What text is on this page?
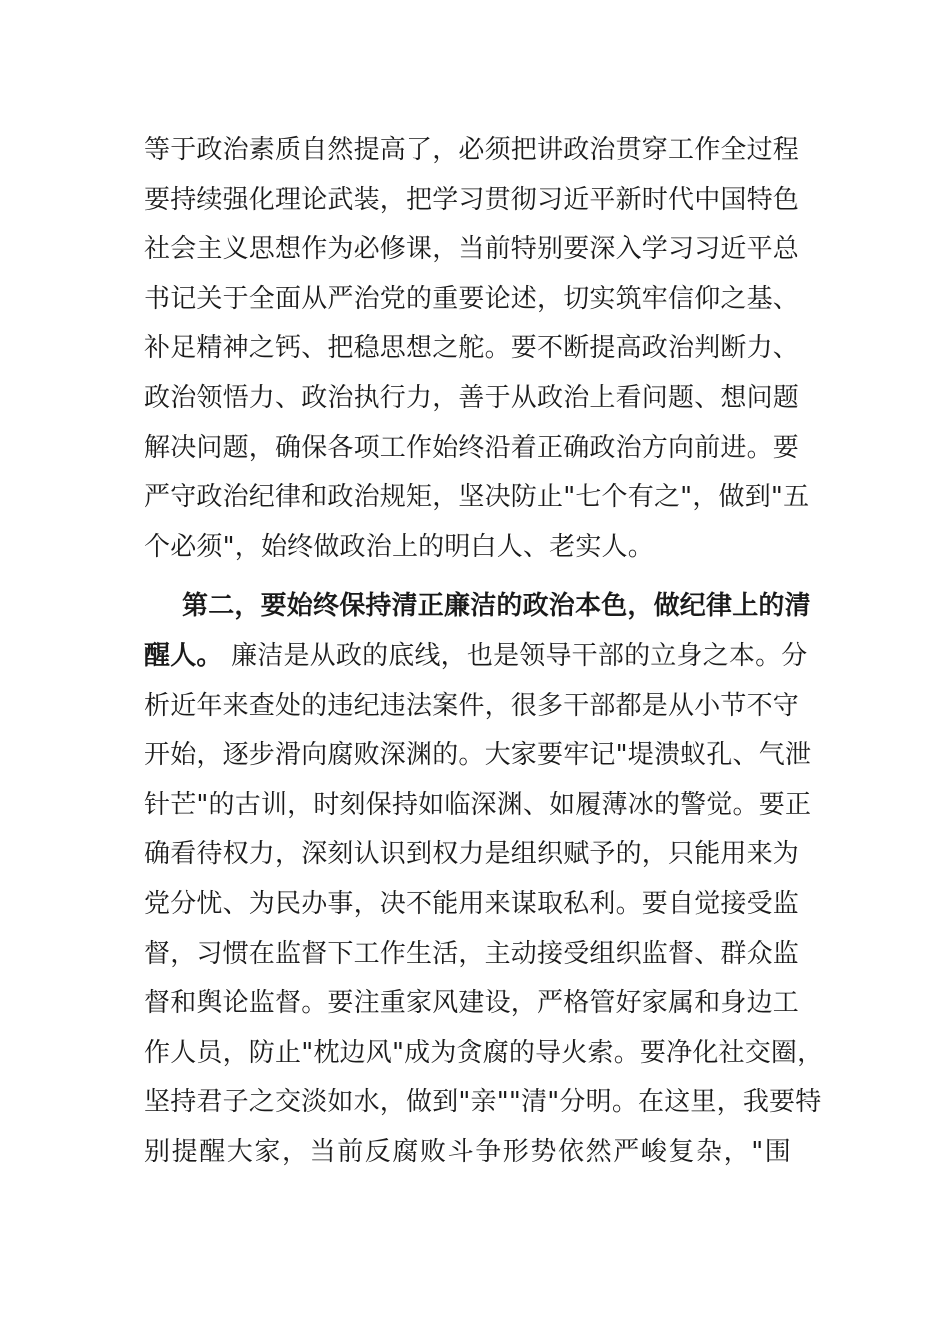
等于政治素质自然提高了，必须把讲政治贯穿工作全过程
要持续强化理论武装，把学习贯彻习近平新时代中国特色
社会主义思想作为必修课，当前特别要深入学习习近平总
书记关于全面从严治党的重要论述，切实筑牢信仰之基、
补足精神之钙、把稳思想之舵。要不断提高政治判断力、
政治领悟力、政治执行力，善于从政治上看问题、想问题
解决问题，确保各项工作始终沿着正确政治方向前进。要
严守政治纪律和政治规矩，坚决防止"七个有之"，做到"五
个必须"，始终做政治上的明白人、老实人。
第二，要始终保持清正廉洁的政治本色，做纪律上的清
醒人。 廉洁是从政的底线，也是领导干部的立身之本。分
析近年来查处的违纪违法案件，很多干部都是从小节不守
开始，逐步滑向腐败深渊的。大家要牢记"堤溃蚁孔、气泄
针芒"的古训，时刻保持如临深渊、如履薄冰的警觉。要正
确看待权力，深刻认识到权力是组织赋予的，只能用来为
党分忧、为民办事，决不能用来谋取私利。要自觉接受监
督，习惯在监督下工作生活，主动接受组织监督、群众监
督和舆论监督。要注重家风建设，严格管好家属和身边工
作人员，防止"枕边风"成为贪腐的导火索。要净化社交圈，
坚持君子之交淡如水，做到"亲""清"分明。在这里，我要特
别提醒大家，当前反腐败斗争形势依然严峻复杂，"围
